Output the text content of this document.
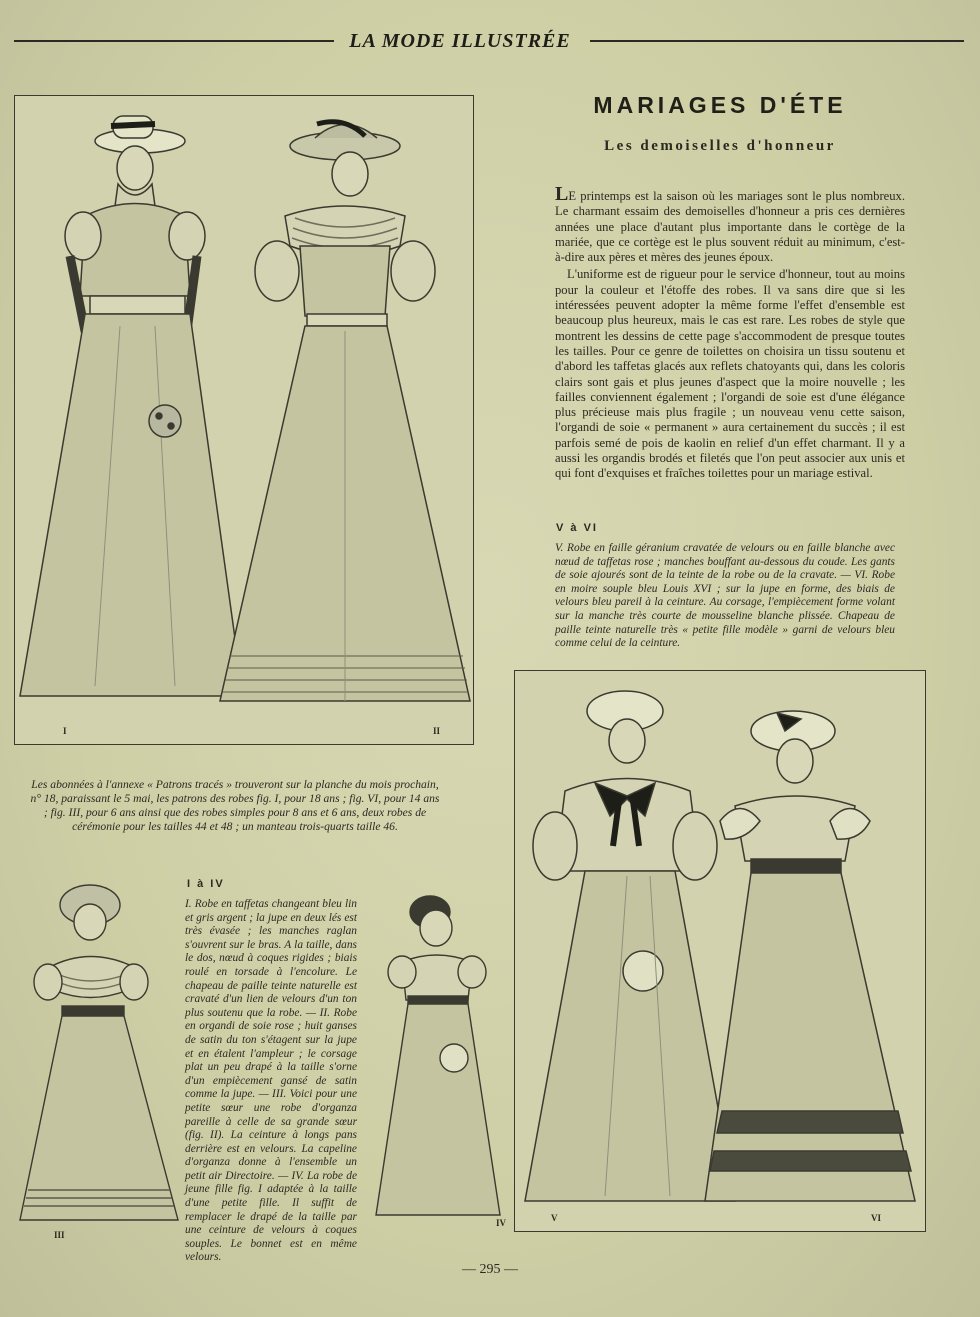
LA MODE ILLUSTRÉE
I	II
MARIAGES D'ÉTE
Les demoiselles d'honneur

LE printemps est la saison où les mariages sont le plus nombreux. Le charmant essaim des demoiselles d'honneur a pris ces dernières années une place d'autant plus importante dans le cortège de la mariée, que ce cortège est le plus souvent réduit au minimum, c'est-à-dire aux pères et mères des jeunes époux.

L'uniforme est de rigueur pour le service d'honneur, tout au moins pour la couleur et l'étoffe des robes. Il va sans dire que si les intéressées peuvent adopter la même forme l'effet d'ensemble est beaucoup plus heureux, mais le cas est rare. Les robes de style que montrent les dessins de cette page s'accommodent de presque toutes les tailles. Pour ce genre de toilettes on choisira un tissu soutenu et d'abord les taffetas glacés aux reflets chatoyants qui, dans les coloris clairs sont gais et plus jeunes d'aspect que la moire nouvelle ; les failles conviennent également ; l'organdi de soie est d'une élégance plus précieuse mais plus fragile ; un nouveau venu cette saison, l'organdi de soie « permanent » aura certainement du succès ; il est parfois semé de pois de kaolin en relief d'un effet charmant. Il y a aussi les organdis brodés et filetés que l'on peut associer aux unis et qui font d'exquises et fraîches toilettes pour un mariage estival.

V à VI

V. Robe en faille géranium cravatée de velours ou en faille blanche avec nœud de taffetas rose ; manches bouffant au-dessous du coude. Les gants de soie ajourés sont de la teinte de la robe ou de la cravate. — VI. Robe en moire souple bleu Louis XVI ; sur la jupe en forme, des biais de velours bleu pareil à la ceinture. Au corsage, l'empiècement forme volant sur la manche très courte de mousseline blanche plissée. Chapeau de paille teinte naturelle très « petite fille modèle » garni de velours bleu comme celui de la ceinture.

V	VI
Les abonnées à l'annexe « Patrons tracés » trouveront sur la planche du mois prochain, n° 18, paraissant le 5 mai, les patrons des robes fig. I, pour 18 ans ; fig. VI, pour 14 ans ; fig. III, pour 6 ans ainsi que des robes simples pour 8 ans et 6 ans, deux robes de cérémonie pour les tailles 44 et 48 ; un manteau trois-quarts taille 46.
III
I à IV

I. Robe en taffetas changeant bleu lin et gris argent ; la jupe en deux lés est très évasée ; les manches raglan s'ouvrent sur le bras. A la taille, dans le dos, nœud à coques rigides ; biais roulé en torsade à l'encolure. Le chapeau de paille teinte naturelle est cravaté d'un lien de velours d'un ton plus soutenu que la robe. — II. Robe en organdi de soie rose ; huit ganses de satin du ton s'étagent sur la jupe et en étalent l'ampleur ; le corsage plat un peu drapé à la taille s'orne d'un empiècement gansé de satin comme la jupe. — III. Voici pour une petite sœur une robe d'organza pareille à celle de sa grande sœur (fig. II). La ceinture à longs pans derrière est en velours. La capeline d'organza donne à l'ensemble un petit air Directoire. — IV. La robe de jeune fille fig. I adaptée à la taille d'une petite fille. Il suffit de remplacer le drapé de la taille par une ceinture de velours à coques souples. Le bonnet est en même velours.

IV
— 295 —
